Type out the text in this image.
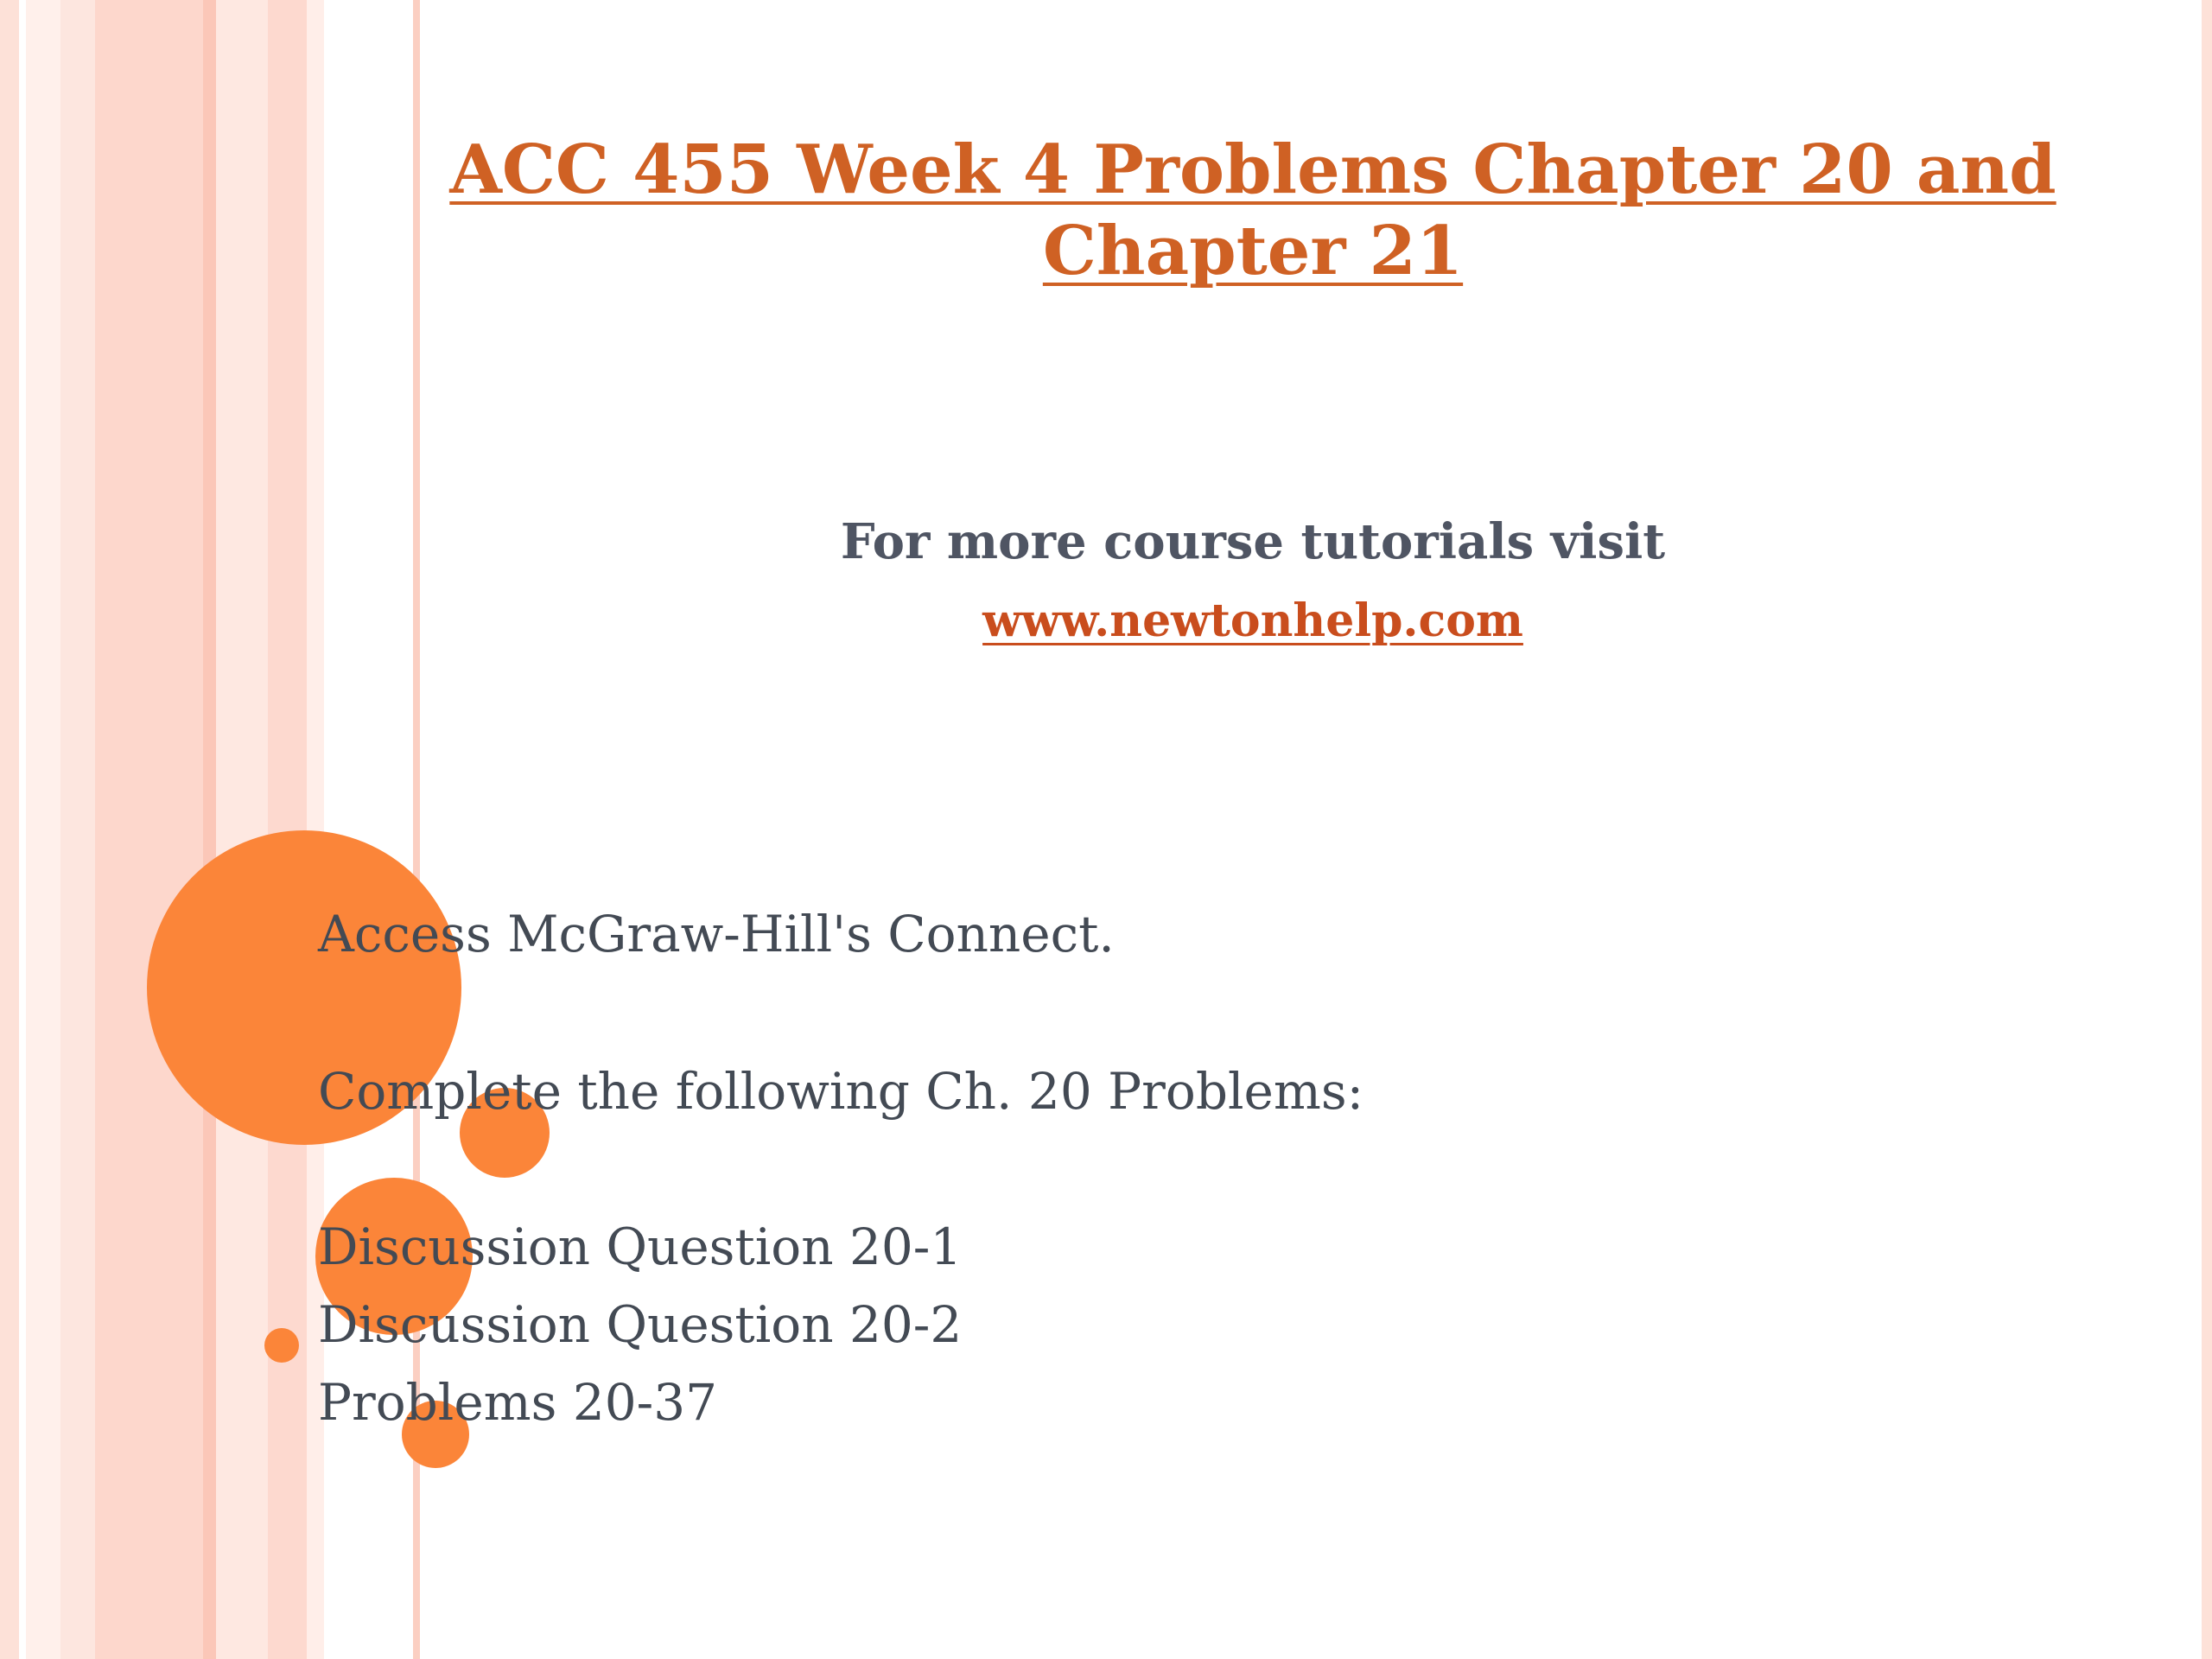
ACC 455 Week 4 Problems Chapter 20 and Chapter 21
For more course tutorials visit
www.newtonhelp.com
Access McGraw-Hill's Connect.
Complete the following Ch. 20 Problems:
Discussion Question 20-1
Discussion Question 20-2
Problems 20-37
